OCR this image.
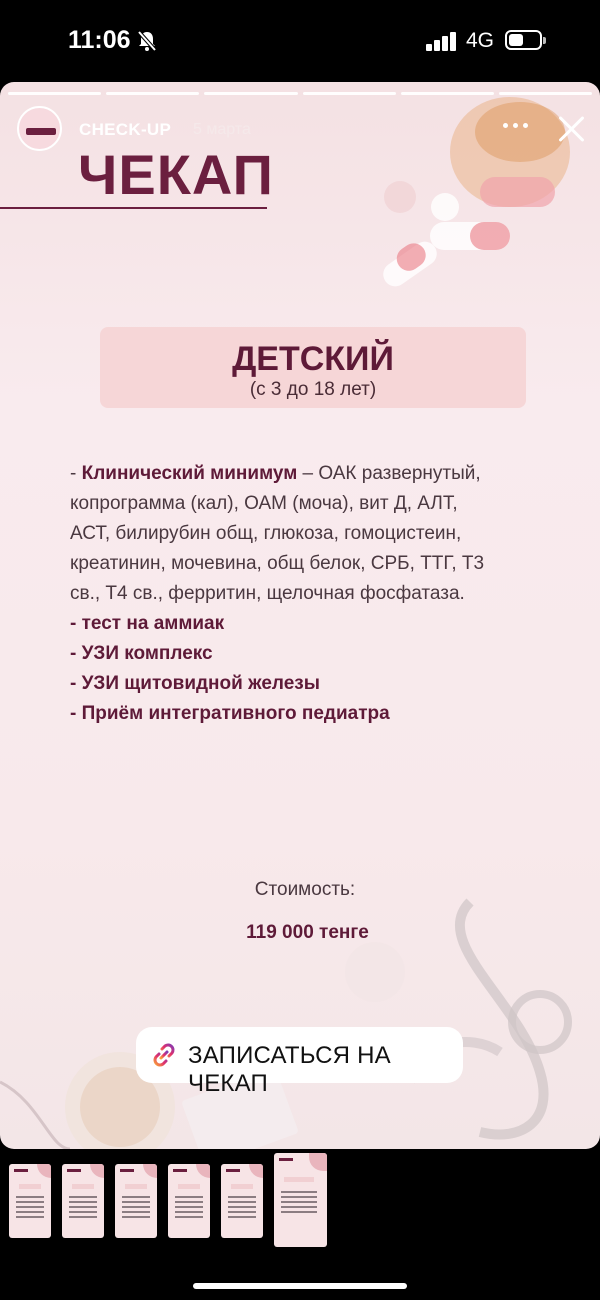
11:06	4G
CHECK-UP 5 марта
ЧЕКАП
ДЕТСКИЙ
(с 3 до 18 лет)
- Клинический минимум – ОАК развернутый,
копрограмма (кал), ОАМ (моча), вит Д, АЛТ,
АСТ, билирубин общ, глюкоза, гомоцистеин,
креатинин, мочевина, общ белок, СРБ, ТТГ, Т3
св., Т4 св., ферритин, щелочная фосфатаза.
- тест на аммиак
- УЗИ комплекс
- УЗИ щитовидной железы
- Приём интегративного педиатра
Стоимость:
119 000 тенге
ЗАПИСАТЬСЯ НА ЧЕКАП
